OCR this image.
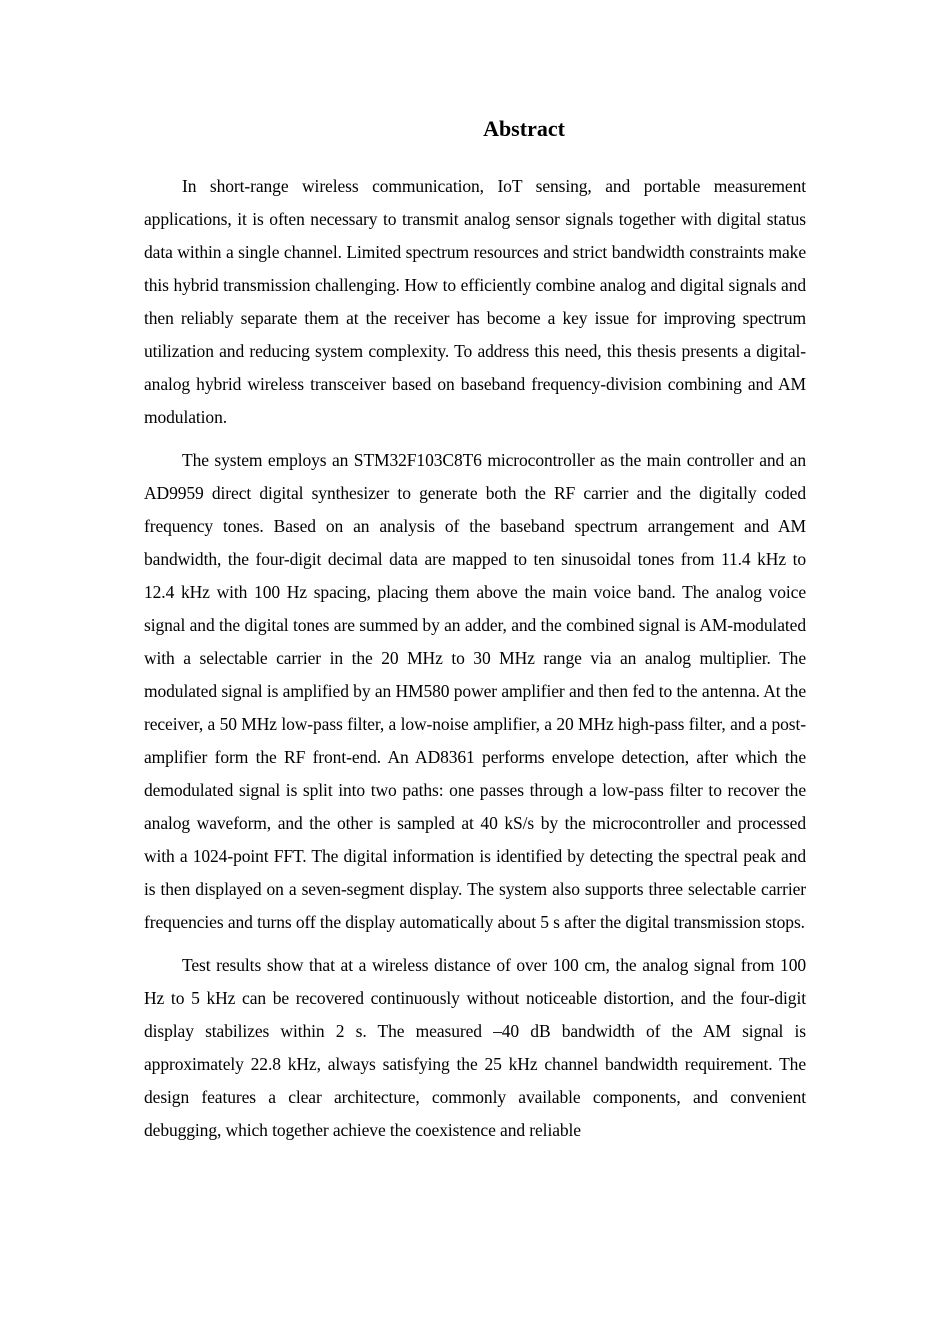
Abstract

In short-range wireless communication, IoT sensing, and portable measurement applications, it is often necessary to transmit analog sensor signals together with digital status data within a single channel. Limited spectrum resources and strict bandwidth constraints make this hybrid transmission challenging. How to efficiently combine analog and digital signals and then reliably separate them at the receiver has become a key issue for improving spectrum utilization and reducing system complexity. To address this need, this thesis presents a digital-analog hybrid wireless transceiver based on baseband frequency-division combining and AM modulation.

The system employs an STM32F103C8T6 microcontroller as the main controller and an AD9959 direct digital synthesizer to generate both the RF carrier and the digitally coded frequency tones. Based on an analysis of the baseband spectrum arrangement and AM bandwidth, the four-digit decimal data are mapped to ten sinusoidal tones from 11.4 kHz to 12.4 kHz with 100 Hz spacing, placing them above the main voice band. The analog voice signal and the digital tones are summed by an adder, and the combined signal is AM-modulated with a selectable carrier in the 20 MHz to 30 MHz range via an analog multiplier. The modulated signal is amplified by an HM580 power amplifier and then fed to the antenna. At the receiver, a 50 MHz low-pass filter, a low-noise amplifier, a 20 MHz high-pass filter, and a post-amplifier form the RF front-end. An AD8361 performs envelope detection, after which the demodulated signal is split into two paths: one passes through a low-pass filter to recover the analog waveform, and the other is sampled at 40 kS/s by the microcontroller and processed with a 1024-point FFT. The digital information is identified by detecting the spectral peak and is then displayed on a seven-segment display. The system also supports three selectable carrier frequencies and turns off the display automatically about 5 s after the digital transmission stops.

Test results show that at a wireless distance of over 100 cm, the analog signal from 100 Hz to 5 kHz can be recovered continuously without noticeable distortion, and the four-digit display stabilizes within 2 s. The measured –40 dB bandwidth of the AM signal is approximately 22.8 kHz, always satisfying the 25 kHz channel bandwidth requirement. The design features a clear architecture, commonly available components, and convenient debugging, which together achieve the coexistence and reliable
